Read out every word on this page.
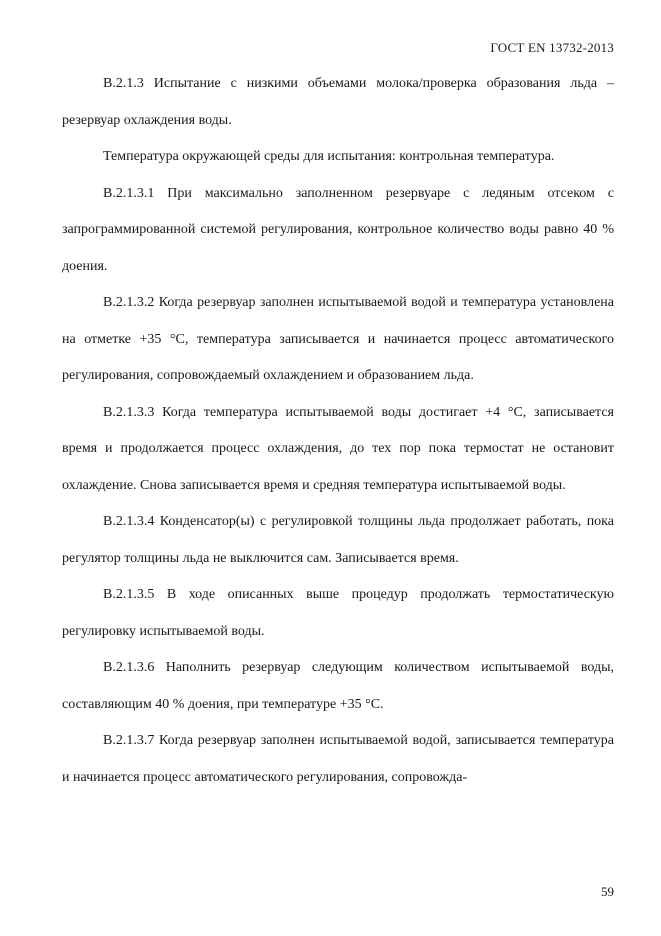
ГОСТ EN 13732-2013

B.2.1.3 Испытание с низкими объемами молока/проверка образования льда – резервуар охлаждения воды.

Температура окружающей среды для испытания: контрольная температура.

B.2.1.3.1 При максимально заполненном резервуаре с ледяным отсеком с запрограммированной системой регулирования, контрольное количество воды равно 40 % доения.

B.2.1.3.2 Когда резервуар заполнен испытываемой водой и температура установлена на отметке +35 °C, температура записывается и начинается процесс автоматического регулирования, сопровождаемый охлаждением и образованием льда.

B.2.1.3.3 Когда температура испытываемой воды достигает +4 °C, записывается время и продолжается процесс охлаждения, до тех пор пока термостат не остановит охлаждение. Снова записывается время и средняя температура испытываемой воды.

B.2.1.3.4 Конденсатор(ы) с регулировкой толщины льда продолжает работать, пока регулятор толщины льда не выключится сам. Записывается время.

B.2.1.3.5 В ходе описанных выше процедур продолжать термостатическую регулировку испытываемой воды.

B.2.1.3.6 Наполнить резервуар следующим количеством испытываемой воды, составляющим 40 % доения, при температуре +35 °C.

B.2.1.3.7 Когда резервуар заполнен испытываемой водой, записывается температура и начинается процесс автоматического регулирования, сопровожда-

59
